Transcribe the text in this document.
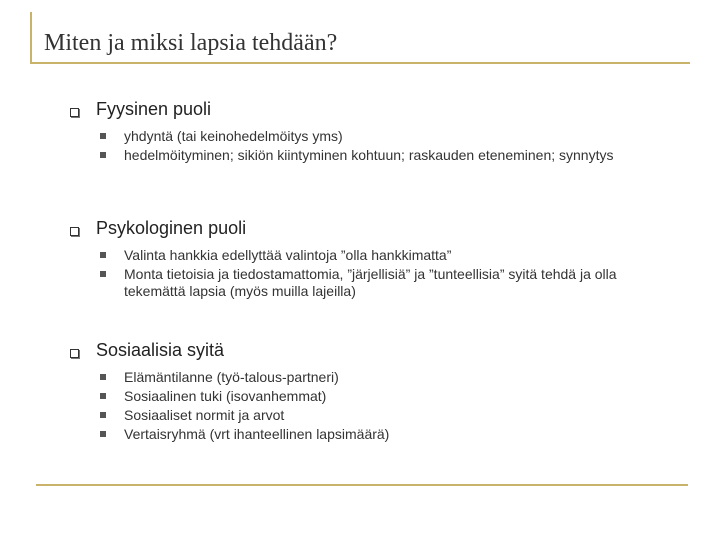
Miten ja miksi lapsia tehdään?
Fyysinen puoli
yhdyntä (tai keinohedelmöitys yms)
hedelmöityminen; sikiön kiintyminen kohtuun; raskauden eteneminen; synnytys
Psykologinen puoli
Valinta hankkia edellyttää valintoja ”olla hankkimatta”
Monta tietoisia ja tiedostamattomia, ”järjellisiä” ja ”tunteellisia” syitä tehdä ja olla tekemättä lapsia (myös muilla lajeilla)
Sosiaalisia syitä
Elämäntilanne (työ-talous-partneri)
Sosiaalinen tuki (isovanhemmat)
Sosiaaliset normit ja arvot
Vertaisryhmä (vrt ihanteellinen lapsimäärä)
